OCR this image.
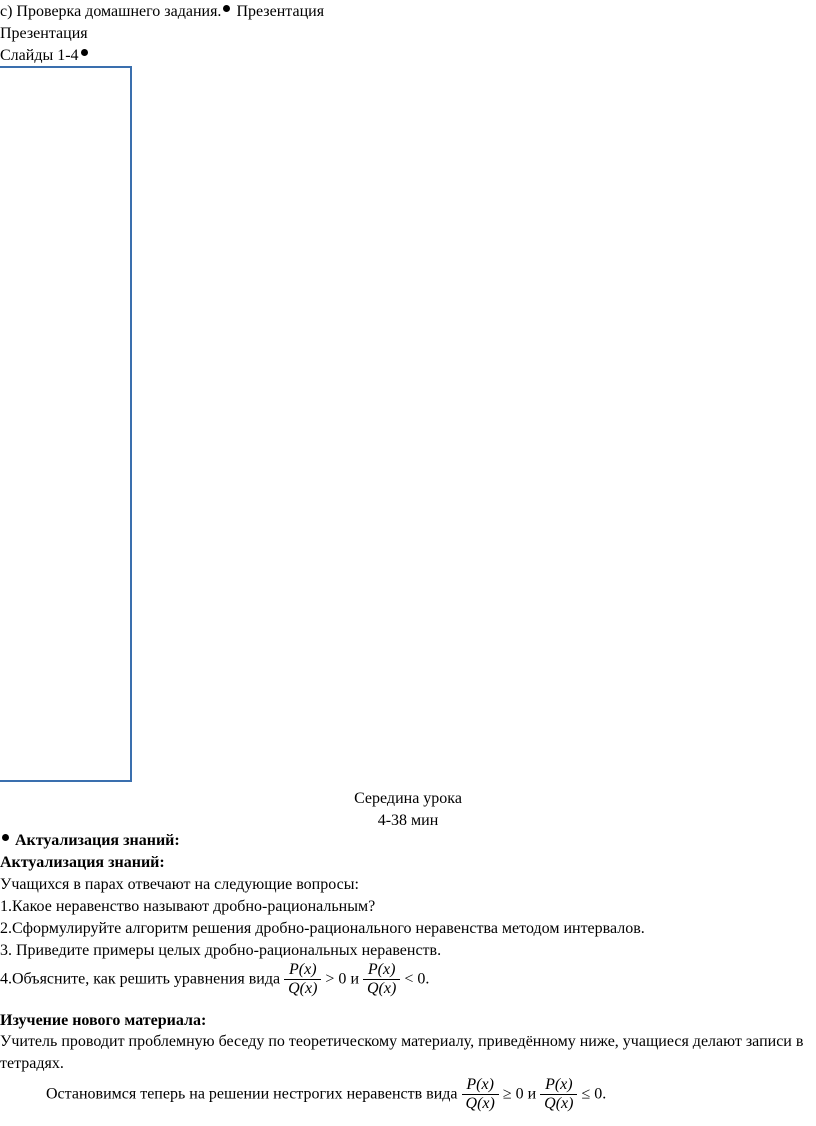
с) Проверка домашнего задания. Презентация
Презентация
Слайды 1-4
Середина урока
4-38 мин
Актуализация знаний:
Актуализация знаний:
Учащихся в парах отвечают на следующие вопросы:
1.Какое неравенство называют дробно-рациональным?
2.Сформулируйте алгоритм решения дробно-рационального неравенства методом интервалов.
3. Приведите примеры целых дробно-рациональных неравенств.
4.Объясните, как решить уравнения вида $\frac{P(x)}{Q(x)} > 0$ и $\frac{P(x)}{Q(x)} < 0$.
Изучение нового материала:
Учитель проводит проблемную беседу по теоретическому материалу, приведённому ниже, учащиеся делают записи в тетрадях.
Остановимся теперь на решении нестрогих неравенств вида $\frac{P(x)}{Q(x)} \ge 0$ и $\frac{P(x)}{Q(x)} \le 0$.
